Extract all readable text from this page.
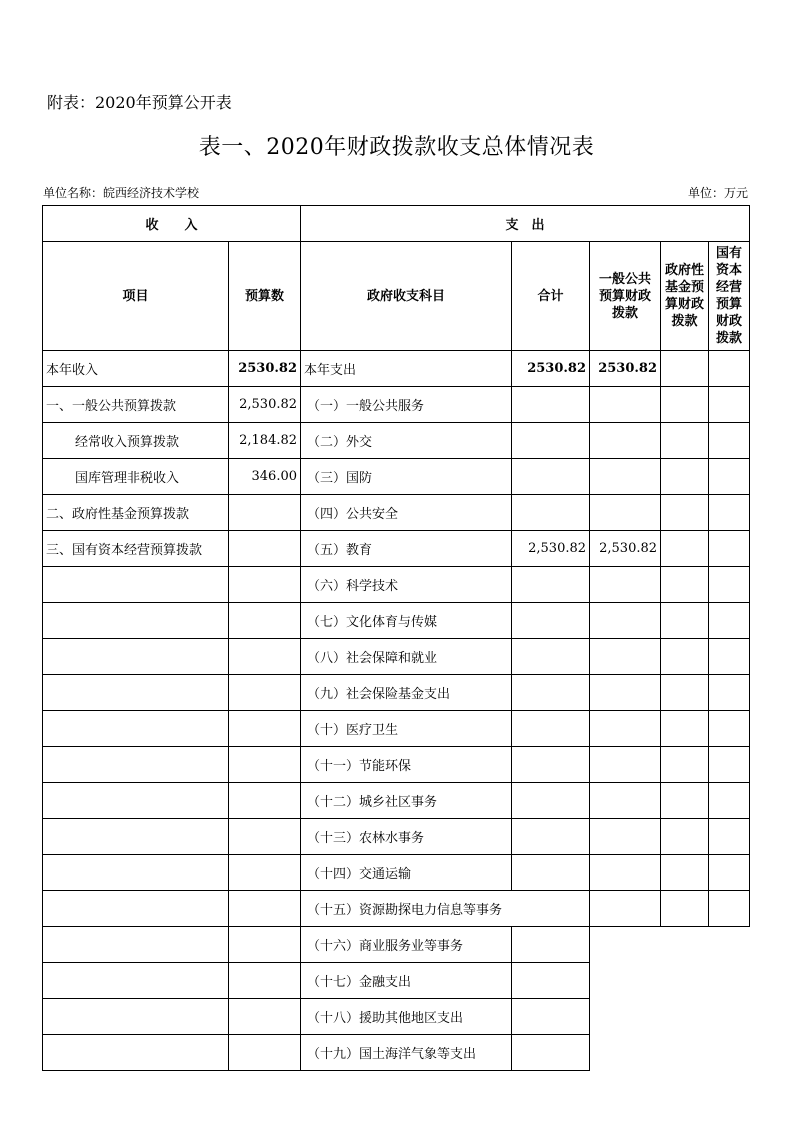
附表：2020年预算公开表
表一、2020年财政拨款收支总体情况表
单位名称：皖西经济技术学校	单位：万元
收　　入		支　出				
项目	预算数	政府收支科目	合计	一般公共预算财政拨款	政府性基金预算财政拨款	国有资本经营预算财政拨款
本年收入	2530.82	本年支出	2530.82	2530.82		
一、一般公共预算拨款	2,530.82	（一）一般公共服务				
经常收入预算拨款	2,184.82	（二）外交				
国库管理非税收入	346.00	（三）国防				
二、政府性基金预算拨款		（四）公共安全				
三、国有资本经营预算拨款		（五）教育	2,530.82	2,530.82		
		（六）科学技术				
		（七）文化体育与传媒				
		（八）社会保障和就业				
		（九）社会保险基金支出				
		（十）医疗卫生				
		（十一）节能环保				
		（十二）城乡社区事务				
		（十三）农林水事务				
		（十四）交通运输				
		（十五）资源勘探电力信息等事务				
		（十六）商业服务业等事务				
		（十七）金融支出				
		（十八）援助其他地区支出				
		（十九）国土海洋气象等支出				
